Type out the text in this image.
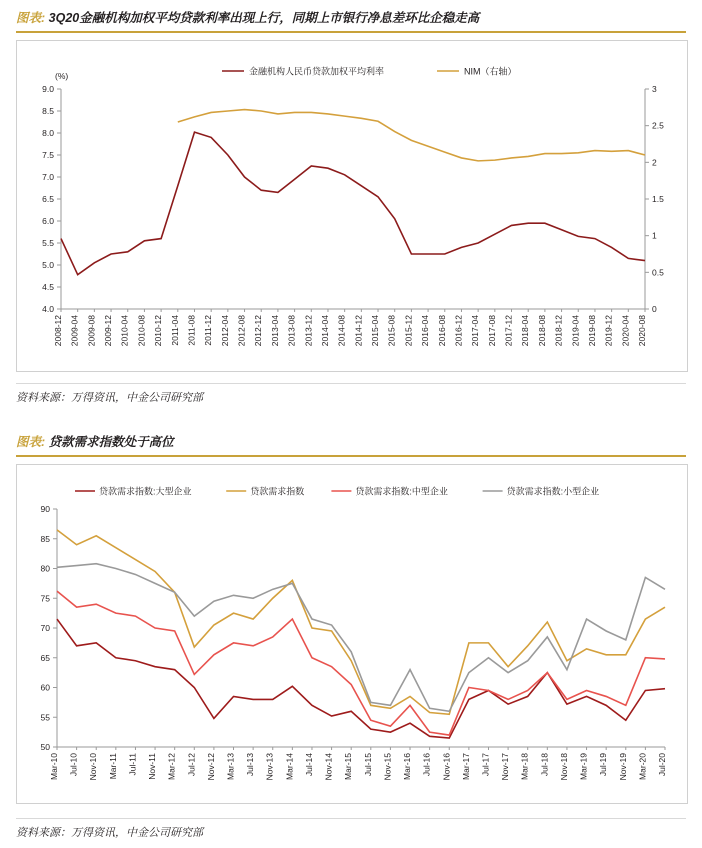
图表: 3Q20金融机构加权平均贷款利率出现上行，同期上市银行净息差环比企稳走高
(%)
4.0
4.5
5.0
5.5
6.0
6.5
7.0
7.5
8.0
8.5
9.0
0
0.5
1
1.5
2
2.5
3
2008-12 2009-04 2009-08 2009-12 2010-04 2010-08 2010-12 2011-04 2011-08 2011-12 2012-04 2012-08 2012-12 2013-04 2013-08 2013-12 2014-04 2014-08 2014-12 2015-04 2015-08 2015-12 2016-04 2016-08 2016-12 2017-04 2017-08 2017-12 2018-04 2018-08 2018-12 2019-04 2019-08 2019-12 2020-04 2020-08
金融机构人民币贷款加权平均利率	NIM（右轴）
资料来源：万得资讯，中金公司研究部
图表: 贷款需求指数处于高位
50
55
60
65
70
75
80
85
90
Mar-10 Jul-10 Nov-10 Mar-11 Jul-11 Nov-11 Mar-12 Jul-12 Nov-12 Mar-13 Jul-13 Nov-13 Mar-14 Jul-14 Nov-14 Mar-15 Jul-15 Nov-15 Mar-16 Jul-16 Nov-16 Mar-17 Jul-17 Nov-17 Mar-18 Jul-18 Nov-18 Mar-19 Jul-19 Nov-19 Mar-20 Jul-20
贷款需求指数:大型企业	贷款需求指数	贷款需求指数:中型企业	贷款需求指数:小型企业
资料来源：万得资讯，中金公司研究部
